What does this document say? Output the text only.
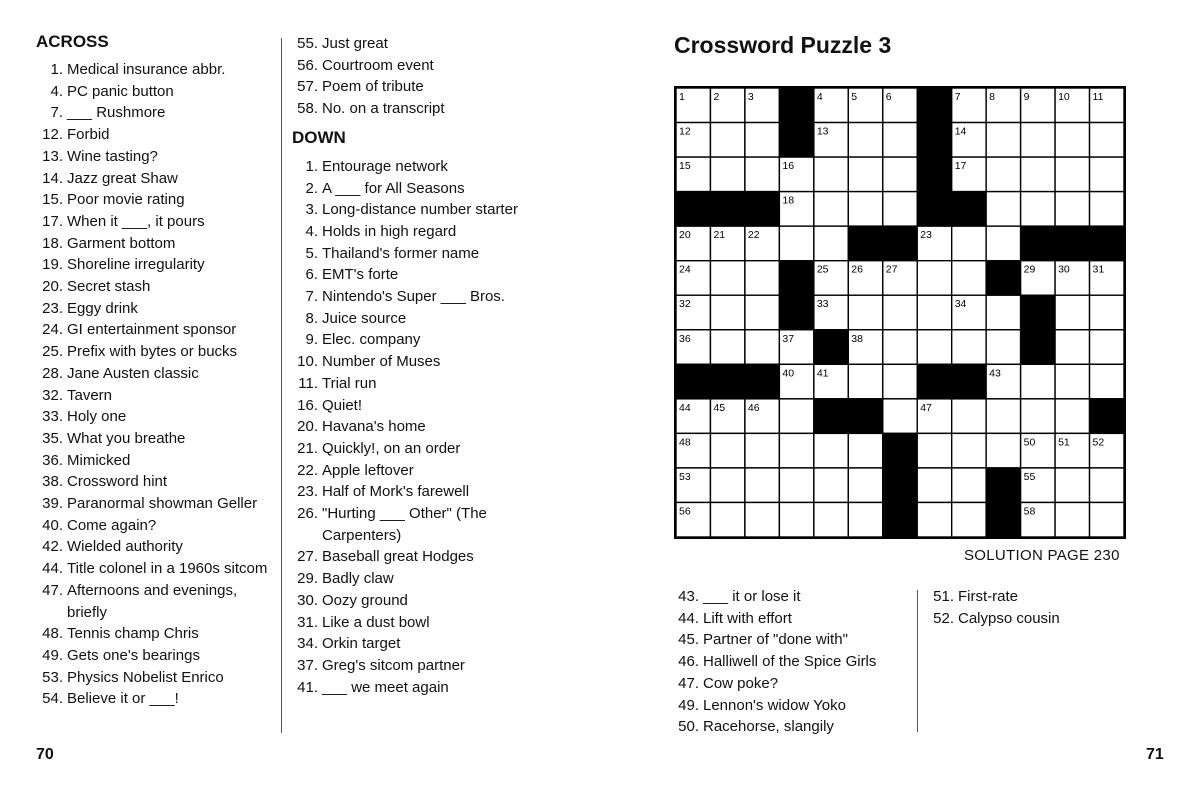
ACROSS
1. Medical insurance abbr.
4. PC panic button
7. ___ Rushmore
12. Forbid
13. Wine tasting?
14. Jazz great Shaw
15. Poor movie rating
17. When it ___, it pours
18. Garment bottom
19. Shoreline irregularity
20. Secret stash
23. Eggy drink
24. GI entertainment sponsor
25. Prefix with bytes or bucks
28. Jane Austen classic
32. Tavern
33. Holy one
35. What you breathe
36. Mimicked
38. Crossword hint
39. Paranormal showman Geller
40. Come again?
42. Wielded authority
44. Title colonel in a 1960s sitcom
47. Afternoons and evenings, briefly
48. Tennis champ Chris
49. Gets one's bearings
53. Physics Nobelist Enrico
54. Believe it or ___!
55. Just great
56. Courtroom event
57. Poem of tribute
58. No. on a transcript
DOWN
1. Entourage network
2. A ___ for All Seasons
3. Long-distance number starter
4. Holds in high regard
5. Thailand's former name
6. EMT's forte
7. Nintendo's Super ___ Bros.
8. Juice source
9. Elec. company
10. Number of Muses
11. Trial run
16. Quiet!
20. Havana's home
21. Quickly!, on an order
22. Apple leftover
23. Half of Mork's farewell
26. "Hurting ___ Other" (The Carpenters)
27. Baseball great Hodges
29. Badly claw
30. Oozy ground
31. Like a dust bowl
34. Orkin target
37. Greg's sitcom partner
41. ___ we meet again
Crossword Puzzle 3
1	2	3	4	5	6	7	8	9	10 11
12	13	14
15	16	17
18	19
20 21 22	23
24	25 26 27	28 29 30 31
32	33	34	35
36	37	38	39
40 41	42 43
44 45 46	47
48	49	50 51 52
53	54	55
56	57	58
SOLUTION PAGE 230
43. ___ it or lose it
44. Lift with effort
45. Partner of "done with"
46. Halliwell of the Spice Girls
47. Cow poke?
49. Lennon's widow Yoko
50. Racehorse, slangily
51. First-rate
52. Calypso cousin
70	71
